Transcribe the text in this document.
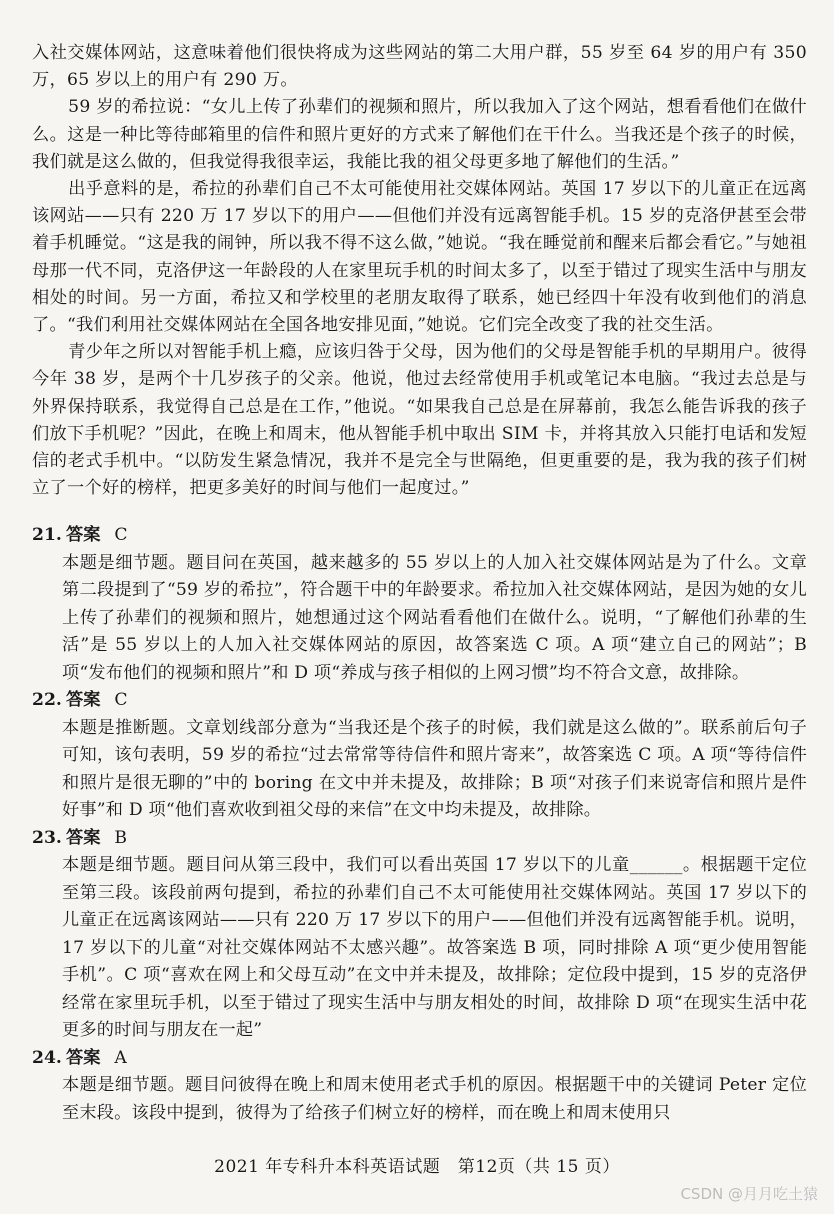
入社交媒体网站，这意味着他们很快将成为这些网站的第二大用户群，55 岁至 64 岁的用户有 350 万，65 岁以上的用户有 290 万。

59 岁的希拉说：“女儿上传了孙辈们的视频和照片，所以我加入了这个网站，想看看他们在做什么。这是一种比等待邮箱里的信件和照片更好的方式来了解他们在干什么。当我还是个孩子的时候，我们就是这么做的，但我觉得我很幸运，我能比我的祖父母更多地了解他们的生活。”

出乎意料的是，希拉的孙辈们自己不太可能使用社交媒体网站。英国 17 岁以下的儿童正在远离该网站——只有 220 万 17 岁以下的用户——但他们并没有远离智能手机。15 岁的克洛伊甚至会带着手机睡觉。“这是我的闹钟，所以我不得不这么做，”她说。“我在睡觉前和醒来后都会看它。”与她祖母那一代不同，克洛伊这一年龄段的人在家里玩手机的时间太多了，以至于错过了现实生活中与朋友相处的时间。另一方面，希拉又和学校里的老朋友取得了联系，她已经四十年没有收到他们的消息了。“我们利用社交媒体网站在全国各地安排见面，”她说。它们完全改变了我的社交生活。

青少年之所以对智能手机上瘾，应该归咎于父母，因为他们的父母是智能手机的早期用户。彼得今年 38 岁，是两个十几岁孩子的父亲。他说，他过去经常使用手机或笔记本电脑。“我过去总是与外界保持联系，我觉得自己总是在工作，”他说。“如果我自己总是在屏幕前，我怎么能告诉我的孩子们放下手机呢？”因此，在晚上和周末，他从智能手机中取出 SIM 卡，并将其放入只能打电话和发短信的老式手机中。“以防发生紧急情况，我并不是完全与世隔绝，但更重要的是，我为我的孩子们树立了一个好的榜样，把更多美好的时间与他们一起度过。”

21. 答案 C

本题是细节题。题目问在英国，越来越多的 55 岁以上的人加入社交媒体网站是为了什么。文章第二段提到了“59 岁的希拉”，符合题干中的年龄要求。希拉加入社交媒体网站，是因为她的女儿上传了孙辈们的视频和照片，她想通过这个网站看看他们在做什么。说明，“了解他们孙辈的生活”是 55 岁以上的人加入社交媒体网站的原因，故答案选 C 项。A 项“建立自己的网站”；B 项“发布他们的视频和照片”和 D 项“养成与孩子相似的上网习惯”均不符合文意，故排除。

22. 答案 C

本题是推断题。文章划线部分意为“当我还是个孩子的时候，我们就是这么做的”。联系前后句子可知，该句表明，59 岁的希拉“过去常常等待信件和照片寄来”，故答案选 C 项。A 项“等待信件和照片是很无聊的”中的 boring 在文中并未提及，故排除；B 项“对孩子们来说寄信和照片是件好事”和 D 项“他们喜欢收到祖父母的来信”在文中均未提及，故排除。

23. 答案 B

本题是细节题。题目问从第三段中，我们可以看出英国 17 岁以下的儿童______。根据题干定位至第三段。该段前两句提到，希拉的孙辈们自己不太可能使用社交媒体网站。英国 17 岁以下的儿童正在远离该网站——只有 220 万 17 岁以下的用户——但他们并没有远离智能手机。说明，17 岁以下的儿童“对社交媒体网站不太感兴趣”。故答案选 B 项，同时排除 A 项“更少使用智能手机”。C 项“喜欢在网上和父母互动”在文中并未提及，故排除；定位段中提到，15 岁的克洛伊经常在家里玩手机，以至于错过了现实生活中与朋友相处的时间，故排除 D 项“在现实生活中花更多的时间与朋友在一起”

24. 答案 A

本题是细节题。题目问彼得在晚上和周末使用老式手机的原因。根据题干中的关键词 Peter 定位至末段。该段中提到，彼得为了给孩子们树立好的榜样，而在晚上和周末使用只

2021 年专科升本科英语试题　第12页（共 15 页）
CSDN @月月吃土猿
